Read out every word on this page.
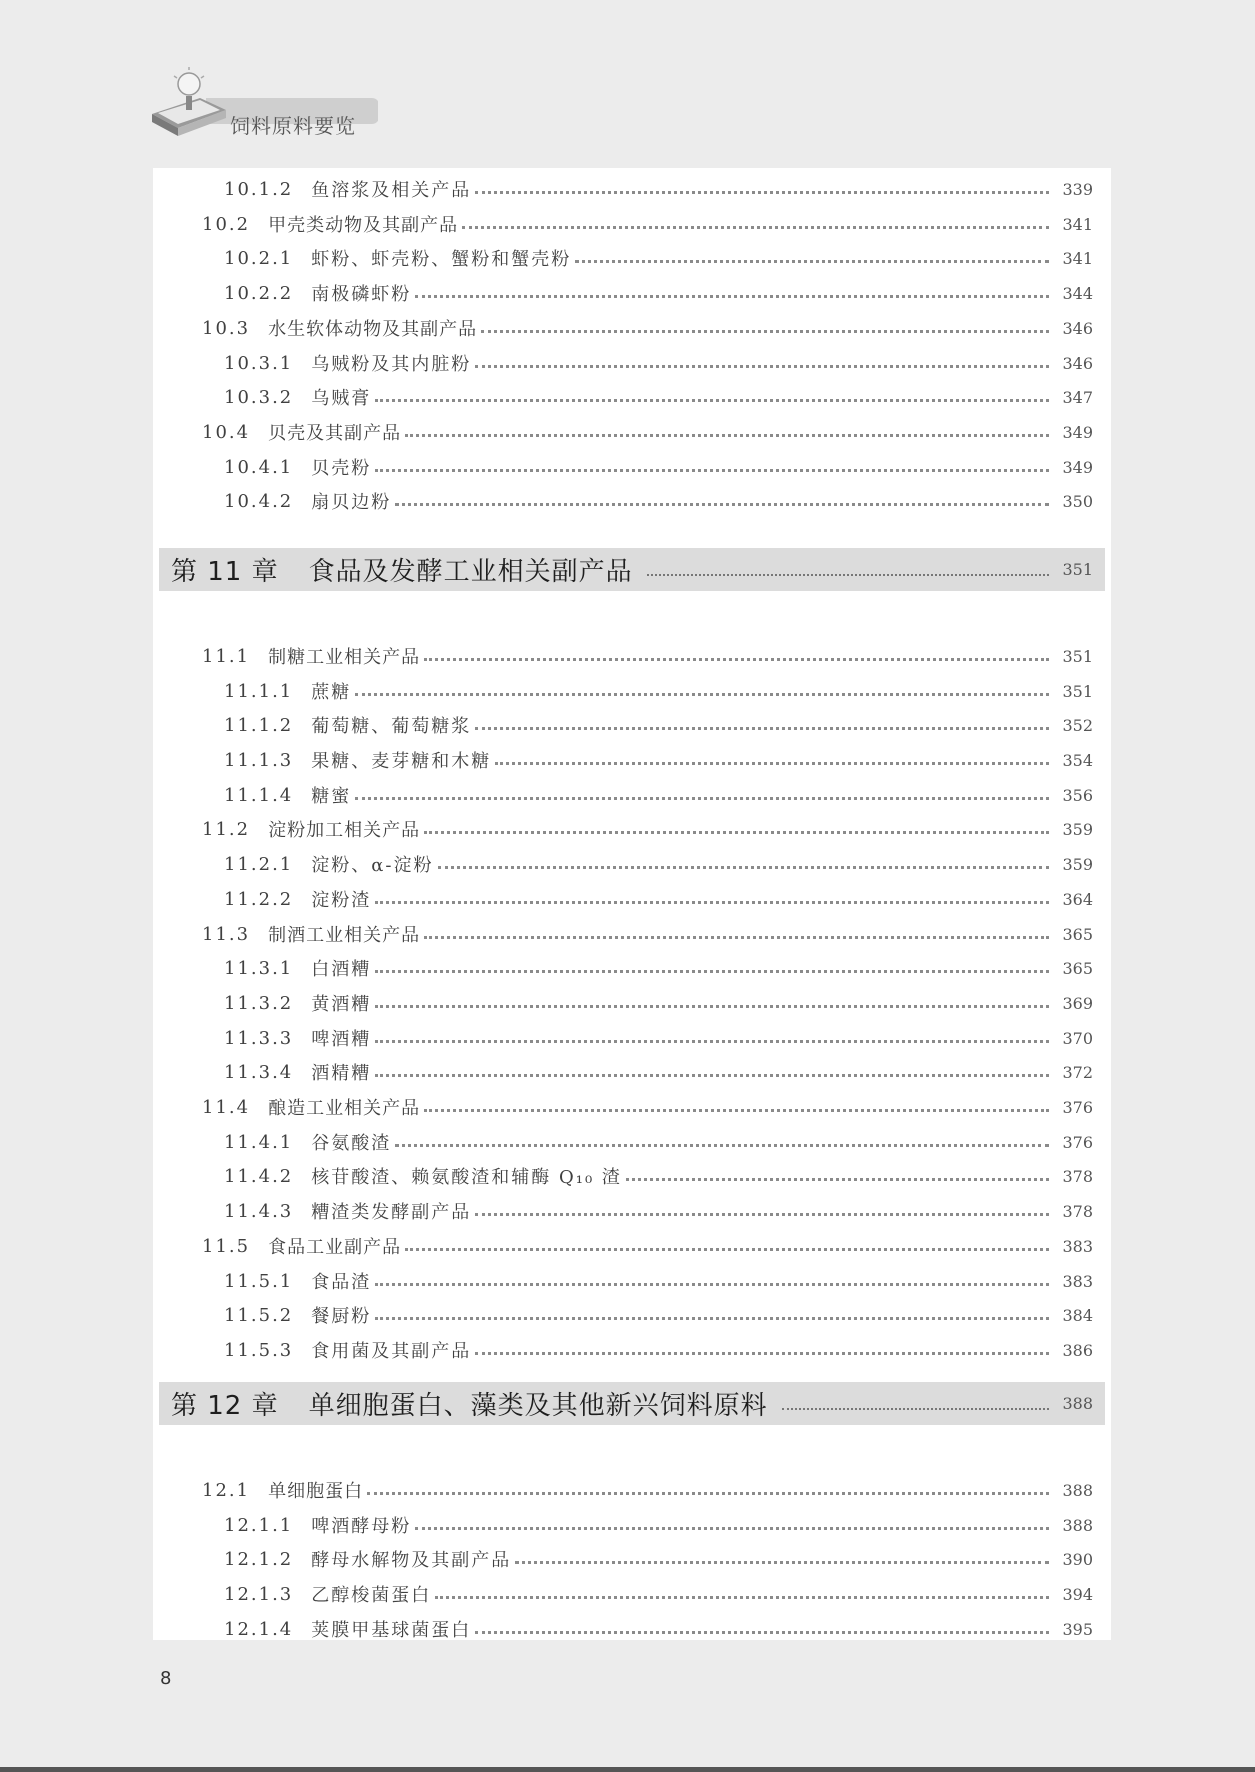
饲料原料要览
10.1.2 鱼溶浆及相关产品	339
10.2 甲壳类动物及其副产品	341
10.2.1 虾粉、虾壳粉、蟹粉和蟹壳粉	341
10.2.2 南极磷虾粉	344
10.3 水生软体动物及其副产品	346
10.3.1 乌贼粉及其内脏粉	346
10.3.2 乌贼膏	347
10.4 贝壳及其副产品	349
10.4.1 贝壳粉	349
10.4.2 扇贝边粉	350
第 11 章 食品及发酵工业相关副产品	351
11.1 制糖工业相关产品	351
11.1.1 蔗糖	351
11.1.2 葡萄糖、葡萄糖浆	352
11.1.3 果糖、麦芽糖和木糖	354
11.1.4 糖蜜	356
11.2 淀粉加工相关产品	359
11.2.1 淀粉、α-淀粉	359
11.2.2 淀粉渣	364
11.3 制酒工业相关产品	365
11.3.1 白酒糟	365
11.3.2 黄酒糟	369
11.3.3 啤酒糟	370
11.3.4 酒精糟	372
11.4 酿造工业相关产品	376
11.4.1 谷氨酸渣	376
11.4.2 核苷酸渣、赖氨酸渣和辅酶 Q₁₀ 渣	378
11.4.3 糟渣类发酵副产品	378
11.5 食品工业副产品	383
11.5.1 食品渣	383
11.5.2 餐厨粉	384
11.5.3 食用菌及其副产品	386
第 12 章 单细胞蛋白、藻类及其他新兴饲料原料	388
12.1 单细胞蛋白	388
12.1.1 啤酒酵母粉	388
12.1.2 酵母水解物及其副产品	390
12.1.3 乙醇梭菌蛋白	394
12.1.4 荚膜甲基球菌蛋白	395
8
